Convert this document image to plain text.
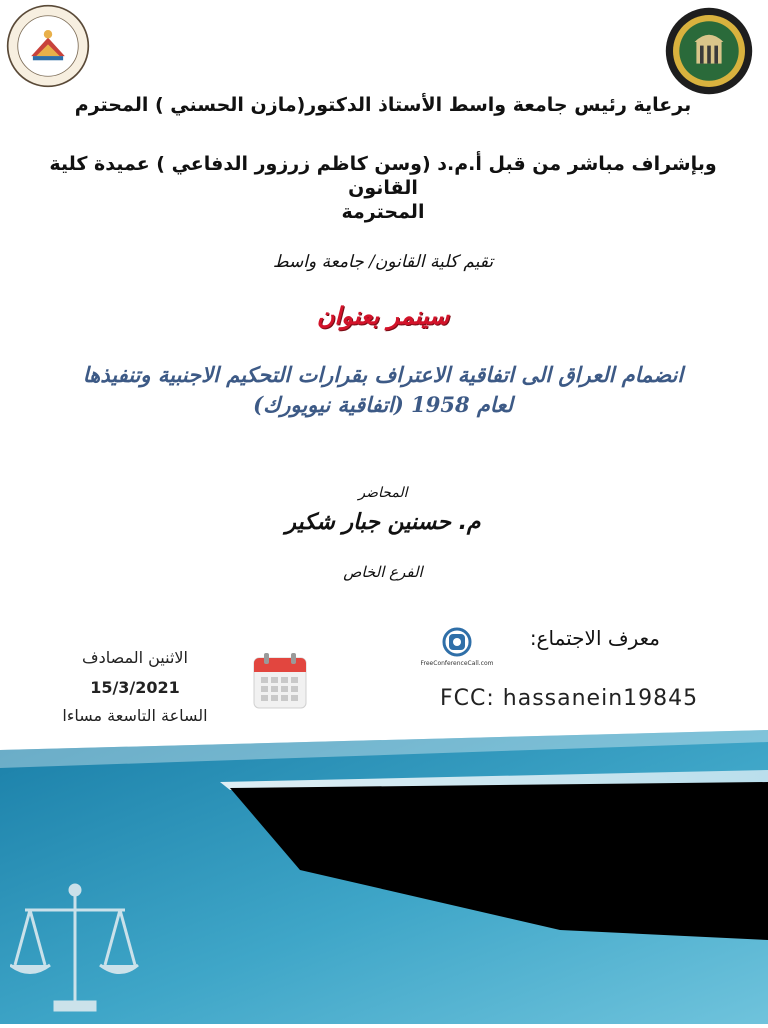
برعاية رئيس جامعة واسط الأستاذ الدكتور(مازن الحسني ) المحترم
وبإشراف مباشر من قبل أ.م.د (وسن كاظم زرزور الدفاعي ) عميدة كلية القانون
المحترمة
تقيم كلية القانون/ جامعة واسط
سينمر بعنوان
انضمام العراق الى اتفاقية الاعتراف بقرارات التحكيم الاجنبية وتنفيذها
لعام 1958 (اتفاقية نيويورك)
المحاضر
م. حسنين جبار شكير
الفرع الخاص
معرف الاجتماع:
FreeConferenceCall.com
FCC: hassanein19845
الاثنين المصادف
15/3/2021
الساعة التاسعة مساءا
